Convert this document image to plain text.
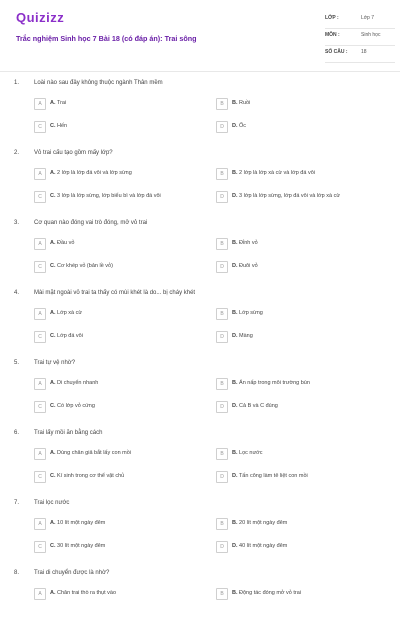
Quizizz
Trắc nghiệm Sinh học 7 Bài 18 (có đáp án): Trai sông
LỚP :	Lớp 7
MÔN :	Sinh học
SỐ CÂU :	18
1. Loài nào sau đây không thuộc ngành Thân mềm
A	A. Trai	B	B. Ruồi
C	C. Hến	D	D. Ốc
2. Vỏ trai cấu tạo gồm mấy lớp?
A	A. 2 lớp là lớp đá vôi và lớp sừng	B	B. 2 lớp là lớp xà cừ và lớp đá vôi
C	C. 3 lớp là lớp sừng, lớp biểu bì và lớp đá vôi	D	D. 3 lớp là lớp sừng, lớp đá vôi và lớp xà cừ
3. Cơ quan nào đóng vai trò đóng, mở vỏ trai
A	A. Đầu vỏ	B	B. Đỉnh vỏ
C	C. Cơ khép vỏ (bản lề vỏ)	D	D. Đuôi vỏ
4. Mài mặt ngoài vỏ trai ta thấy có mùi khét là do... bị cháy khét
A	A. Lớp xà cừ	B	B. Lớp sừng
C	C. Lớp đá vôi	D	D. Màng
5. Trai tự vệ nhờ?
A	A. Di chuyển nhanh	B	B. Ẩn nấp trong môi trường bùn
C	C. Có lớp vỏ cứng	D	D. Cả B và C đúng
6. Trai lấy mồi ăn bằng cách
A	A. Dùng chân giả bắt lấy con mồi	B	B. Lọc nước
C	C. Kí sinh trong cơ thể vật chủ	D	D. Tấn công làm tê liệt con mồi
7. Trai lọc nước
A	A. 10 lít một ngày đêm	B	B. 20 lít một ngày đêm
C	C. 30 lít một ngày đêm	D	D. 40 lít một ngày đêm
8. Trai di chuyển được là nhờ?
A	A. Chân trai thò ra thụt vào	B	B. Động tác đóng mở vỏ trai
